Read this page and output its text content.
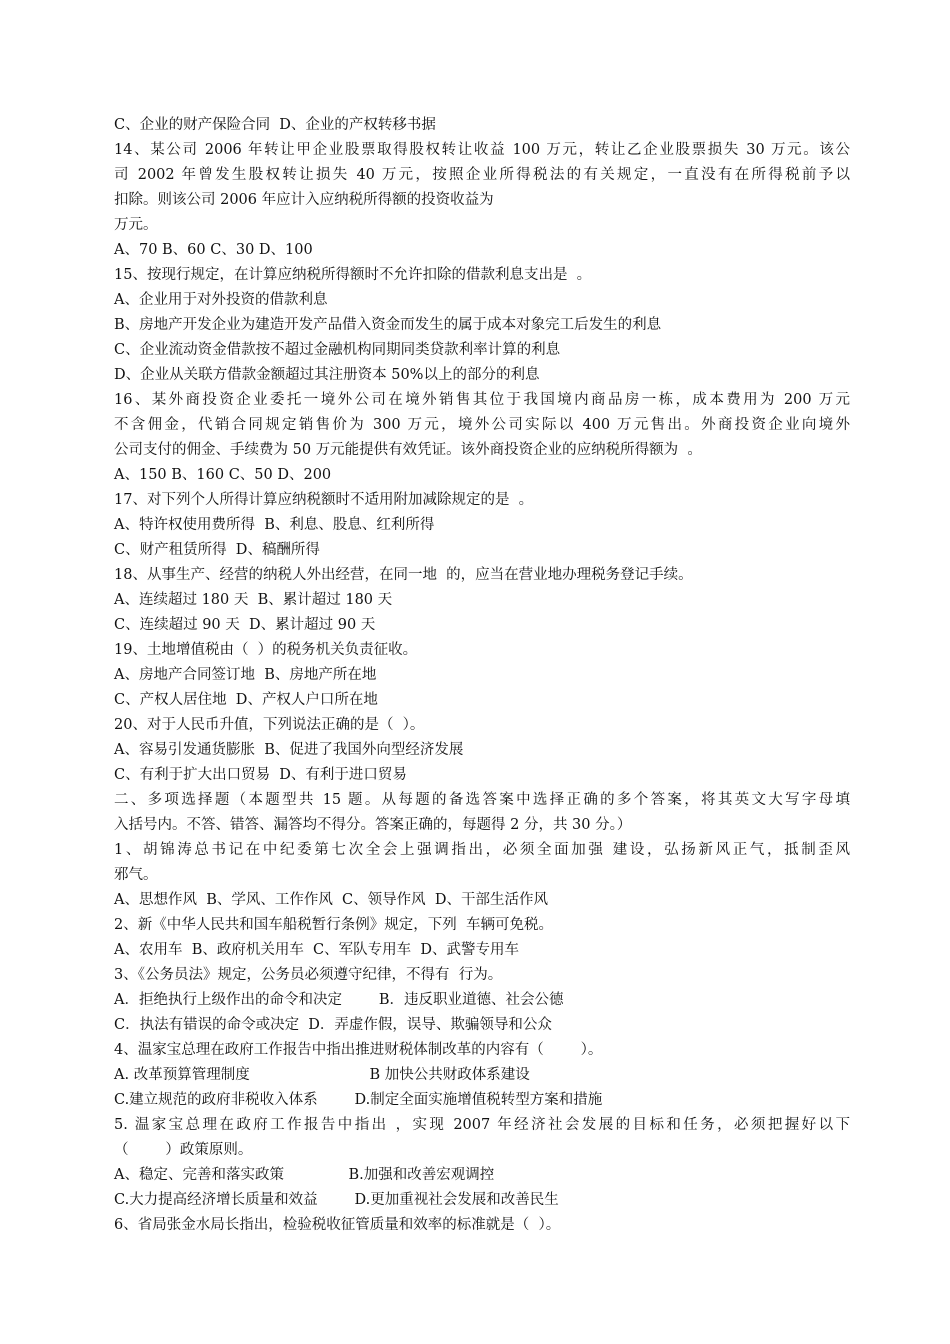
C、企业的财产保险合同  D、企业的产权转移书据
14、某公司 2006 年转让甲企业股票取得股权转让收益 100 万元，转让乙企业股票损失 30 万元。该公
司 2002 年曾发生股权转让损失 40 万元，按照企业所得税法的有关规定，一直没有在所得税前予以
扣除。则该公司 2006 年应计入应纳税所得额的投资收益为
万元。
A、70 B、60 C、30 D、100
15、按现行规定，在计算应纳税所得额时不允许扣除的借款利息支出是  。
A、企业用于对外投资的借款利息
B、房地产开发企业为建造开发产品借入资金而发生的属于成本对象完工后发生的利息
C、企业流动资金借款按不超过金融机构同期同类贷款利率计算的利息
D、企业从关联方借款金额超过其注册资本 50%以上的部分的利息
16、某外商投资企业委托一境外公司在境外销售其位于我国境内商品房一栋，成本费用为 200 万元
不含佣金，代销合同规定销售价为 300 万元，境外公司实际以 400 万元售出。外商投资企业向境外
公司支付的佣金、手续费为 50 万元能提供有效凭证。该外商投资企业的应纳税所得额为  。
A、150 B、160 C、50 D、200
17、对下列个人所得计算应纳税额时不适用附加减除规定的是  。
A、特许权使用费所得  B、利息、股息、红利所得
C、财产租赁所得  D、稿酬所得
18、从事生产、经营的纳税人外出经营，在同一地  的，应当在营业地办理税务登记手续。
A、连续超过 180 天  B、累计超过 180 天
C、连续超过 90 天  D、累计超过 90 天
19、土地增值税由（  ）的税务机关负责征收。
A、房地产合同签订地  B、房地产所在地
C、产权人居住地  D、产权人户口所在地
20、对于人民币升值，下列说法正确的是（  ）。
A、容易引发通货膨胀  B、促进了我国外向型经济发展
C、有利于扩大出口贸易  D、有利于进口贸易
二、多项选择题（本题型共 15 题。从每题的备选答案中选择正确的多个答案，将其英文大写字母填
入括号内。不答、错答、漏答均不得分。答案正确的，每题得 2 分，共 30 分。）
1、胡锦涛总书记在中纪委第七次全会上强调指出，必须全面加强 建设，弘扬新风正气，抵制歪风
邪气。
A、思想作风  B、学风、工作作风  C、领导作风  D、干部生活作风
2、新《中华人民共和国车船税暂行条例》规定，下列  车辆可免税。
A、农用车  B、政府机关用车  C、军队专用车  D、武警专用车
3、《公务员法》规定，公务员必须遵守纪律，不得有  行为。
A．拒绝执行上级作出的命令和决定        B．违反职业道德、社会公德
C．执法有错误的命令或决定  D．弄虚作假，误导、欺骗领导和公众
4、温家宝总理在政府工作报告中指出推进财税体制改革的内容有（        ）。
A. 改革预算管理制度                          B 加快公共财政体系建设
C.建立规范的政府非税收入体系        D.制定全面实施增值税转型方案和措施
5. 温家宝总理在政府工作报告中指出 ，实现 2007 年经济社会发展的目标和任务，必须把握好以下
（        ）政策原则。
A、稳定、完善和落实政策              B.加强和改善宏观调控
C.大力提高经济增长质量和效益        D.更加重视社会发展和改善民生
6、省局张金水局长指出，检验税收征管质量和效率的标准就是（  ）。
